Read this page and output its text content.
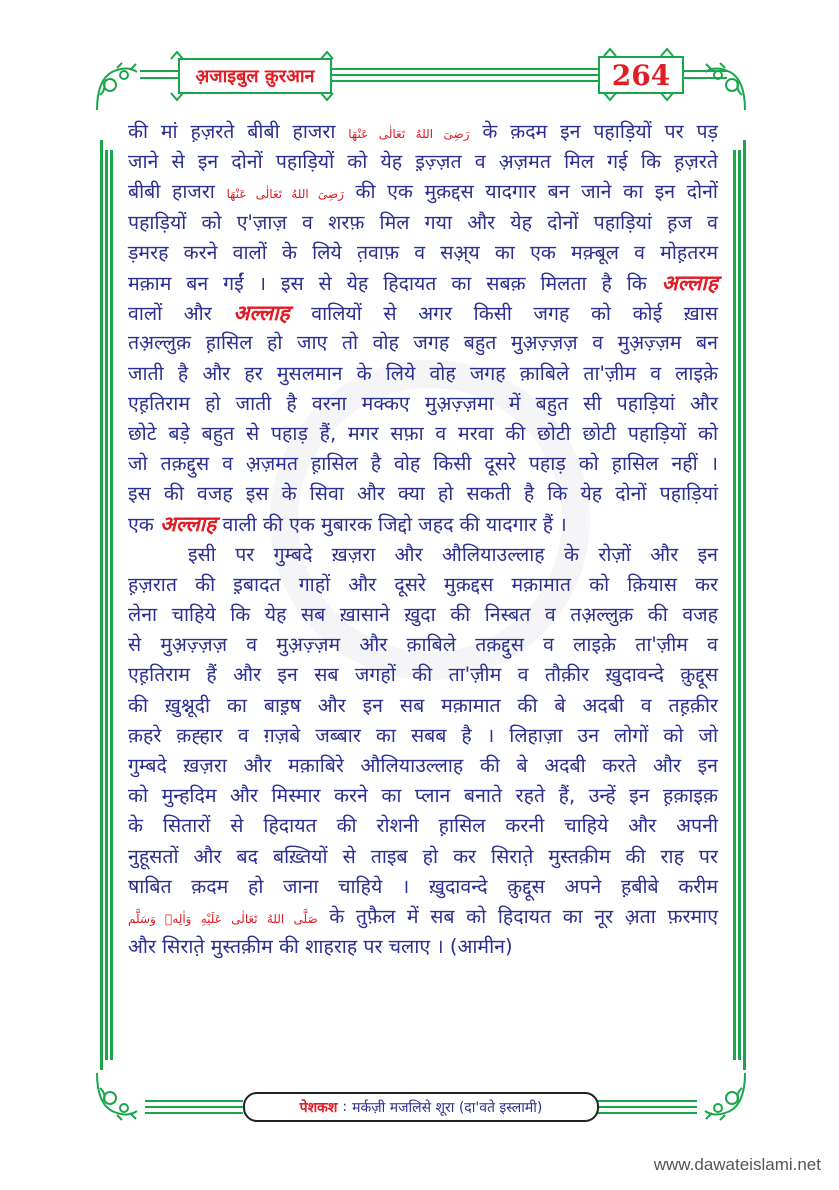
अ़जाइबुल क़ुरआन	264
की मां ह़ज़रते बीबी हाजरा رَضِیَ اللهُ تَعَالٰی عَنْهَا के क़दम इन पहाड़ियों पर पड़
जाने से इन दोनों पहाड़ियों को येह इ़ज़्ज़त व अ़ज़मत मिल गई कि ह़ज़रते
बीबी हाजरा رَضِیَ اللهُ تَعَالٰی عَنْهَا की एक मुक़द्दस यादगार बन जाने का इन दोनों
पहाड़ियों को ए'ज़ाज़ व शरफ़ मिल गया और येह दोनों पहाड़ियां ह़ज व
ड़मरह करने वालों के लिये त़वाफ़ व सअ़्य का एक मक़्बूल व मोह़तरम
मक़ाम बन गईं । इस से येह हिदायत का सबक़ मिलता है कि अल्लाह
वालों और अल्लाह वालियों से अगर किसी जगह को कोई ख़ास
तअ़ल्लुक़ ह़ासिल हो जाए तो वोह जगह बहुत मुअ़ज़्ज़ज़ व मुअ़ज़्ज़म बन
जाती है और हर मुसलमान के लिये वोह जगह क़ाबिले ता'ज़ीम व लाइक़े
एह़तिराम हो जाती है वरना मक्कए मुअ़ज़्ज़मा में बहुत सी पहाड़ियां और
छोटे बड़े बहुत से पहाड़ हैं, मगर सफ़ा व मरवा की छोटी छोटी पहाड़ियों को
जो तक़द्दुस व अ़ज़मत ह़ासिल है वोह किसी दूसरे पहाड़ को ह़ासिल नहीं ।
इस की वजह इस के सिवा और क्या हो सकती है कि येह दोनों पहाड़ियां
एक अल्लाह वाली की एक मुबारक जिद्दो जहद की यादगार हैं ।
इसी पर गुम्बदे ख़ज़रा और औलियाउल्लाह के रोज़ों और इन
ह़ज़रात की इ़बादत गाहों और दूसरे मुक़द्दस मक़ामात को क़ियास कर
लेना चाहिये कि येह सब ख़ासाने ख़ुदा की निस्बत व तअ़ल्लुक़ की वजह
से मुअ़ज़्ज़ज़ व मुअ़ज़्ज़म और क़ाबिले तक़द्दुस व लाइक़े ता'ज़ीम व
एह़तिराम हैं और इन सब जगहों की ता'ज़ीम व तौक़ीर ख़ुदावन्दे क़ुद्दूस
की ख़ुश्नूदी का बाइ़ष और इन सब मक़ामात की बे अदबी व तह़क़ीर
क़हरे क़ह्हार व ग़ज़बे जब्बार का सबब है । लिहाज़ा उन लोगों को जो
गुम्बदे ख़ज़रा और मक़ाबिरे औलियाउल्लाह की बे अदबी करते और इन
को मुन्हदिम और मिस्मार करने का प्लान बनाते रहते हैं, उन्हें इन ह़क़ाइक़
के सितारों से हिदायत की रोशनी ह़ासिल करनी चाहिये और अपनी
नुहूसतों और बद बख़्तियों से ताइब हो कर सिराते़ मुस्तक़ीम की राह पर
षाबित क़दम हो जाना चाहिये । ख़ुदावन्दे क़ुद्दूस अपने ह़बीबे करीम
صَلَّی اللهُ تَعَالٰی عَلَیْهِ وَاٰلِهٖ وَسَلَّم के तुफ़ैल में सब को हिदायत का नूर अ़ता फ़रमाए
और सिराते़ मुस्तक़ीम की शाहराह पर चलाए । (आमीन)
पेशकश : मर्कज़ी मजलिसे शूरा (दा'वते इस्लामी)
www.dawateislami.net
